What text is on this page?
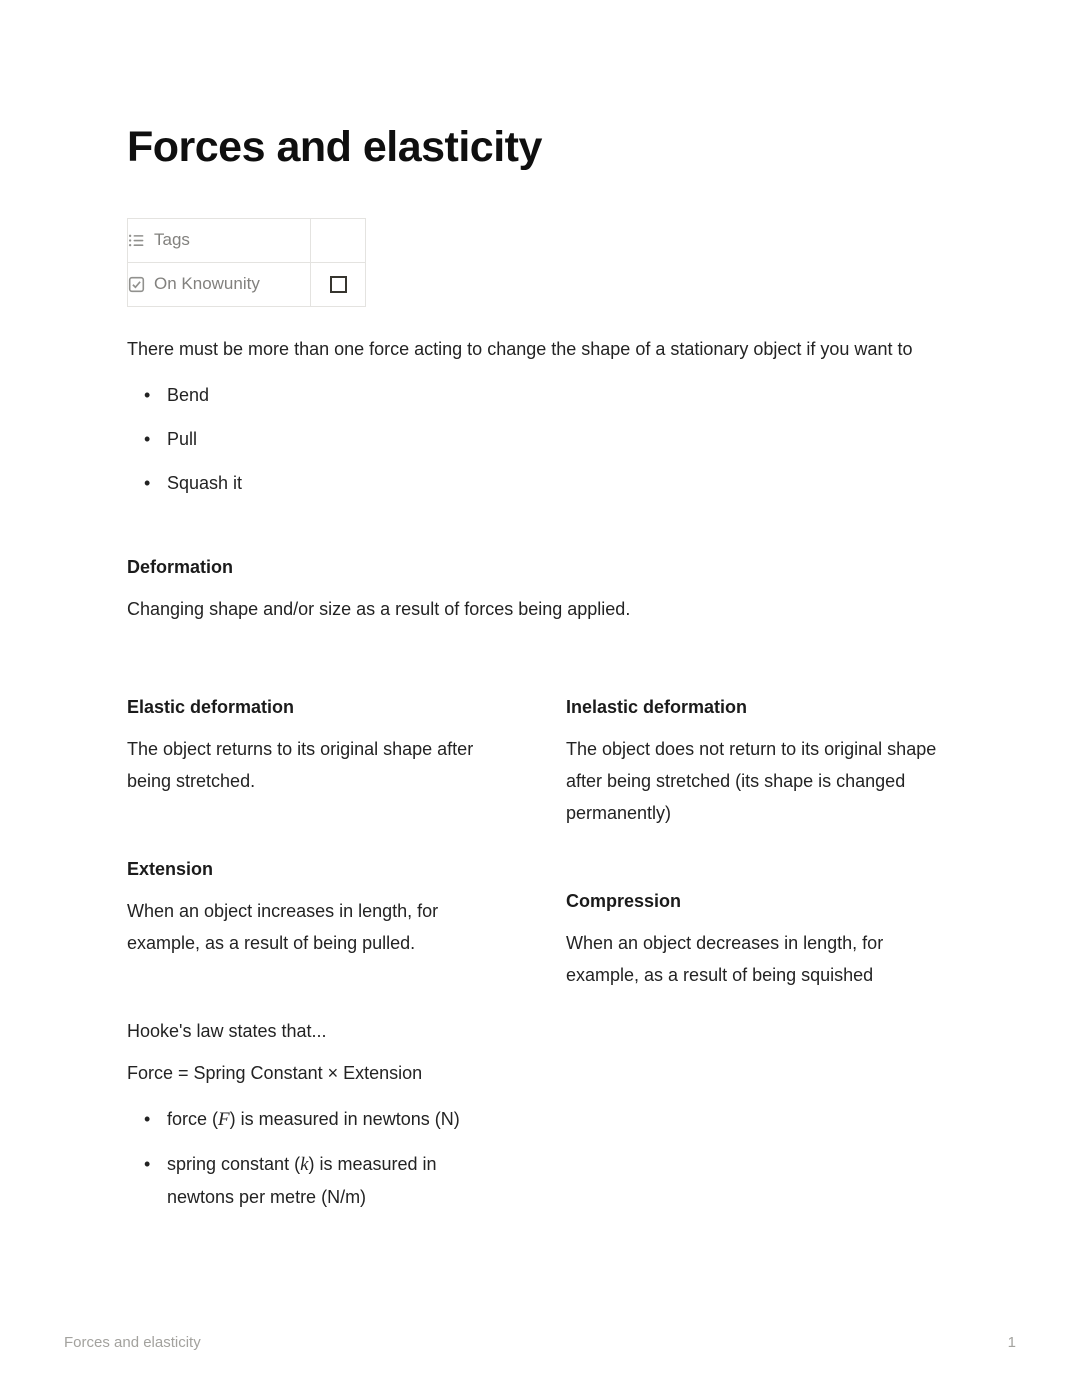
Forces and elasticity
Tags	

On Knowunity	

There must be more than one force acting to change the shape of a stationary object if you want to

• Bend
• Pull
• Squash it

Deformation

Changing shape and/or size as a result of forces being applied.

Elastic deformation

The object returns to its original shape after being stretched.

Extension

When an object increases in length, for example, as a result of being pulled.

Hooke's law states that...

Force = Spring Constant × Extension

• force (F) is measured in newtons (N)
• spring constant (k) is measured in newtons per metre (N/m)

Inelastic deformation

The object does not return to its original shape after being stretched (its shape is changed permanently)

Compression

When an object decreases in length, for example, as a result of being squished

Forces and elasticity	1
